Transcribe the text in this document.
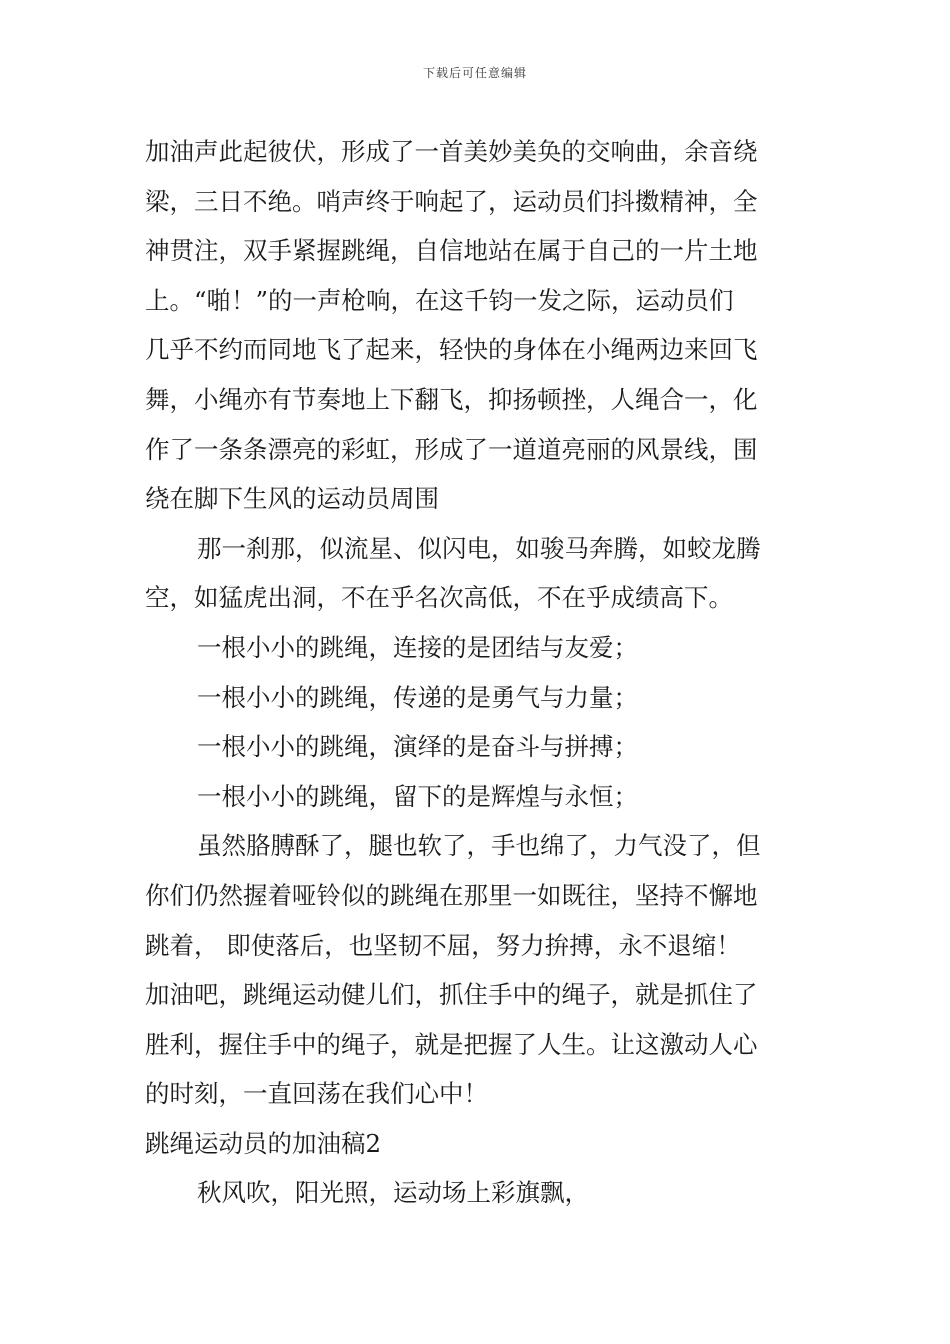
下载后可任意编辑
加油声此起彼伏，形成了一首美妙美奂的交响曲，余音绕
梁，三日不绝。哨声终于响起了，运动员们抖擞精神，全
神贯注，双手紧握跳绳，自信地站在属于自己的一片土地
上。“啪！”的一声枪响，在这千钧一发之际，运动员们
几乎不约而同地飞了起来，轻快的身体在小绳两边来回飞
舞，小绳亦有节奏地上下翻飞，抑扬顿挫，人绳合一，化
作了一条条漂亮的彩虹，形成了一道道亮丽的风景线，围
绕在脚下生风的运动员周围
那一刹那，似流星、似闪电，如骏马奔腾，如蛟龙腾
空，如猛虎出洞，不在乎名次高低，不在乎成绩高下。
一根小小的跳绳，连接的是团结与友爱；
一根小小的跳绳，传递的是勇气与力量；
一根小小的跳绳，演绎的是奋斗与拼搏；
一根小小的跳绳，留下的是辉煌与永恒；
虽然胳膊酥了，腿也软了，手也绵了，力气没了，但
你们仍然握着哑铃似的跳绳在那里一如既往，坚持不懈地
跳着， 即使落后，也坚韧不屈，努力拚搏，永不退缩！
加油吧，跳绳运动健儿们，抓住手中的绳子，就是抓住了
胜利，握住手中的绳子，就是把握了人生。让这激动人心
的时刻，一直回荡在我们心中！
跳绳运动员的加油稿2
秋风吹，阳光照，运动场上彩旗飘，
